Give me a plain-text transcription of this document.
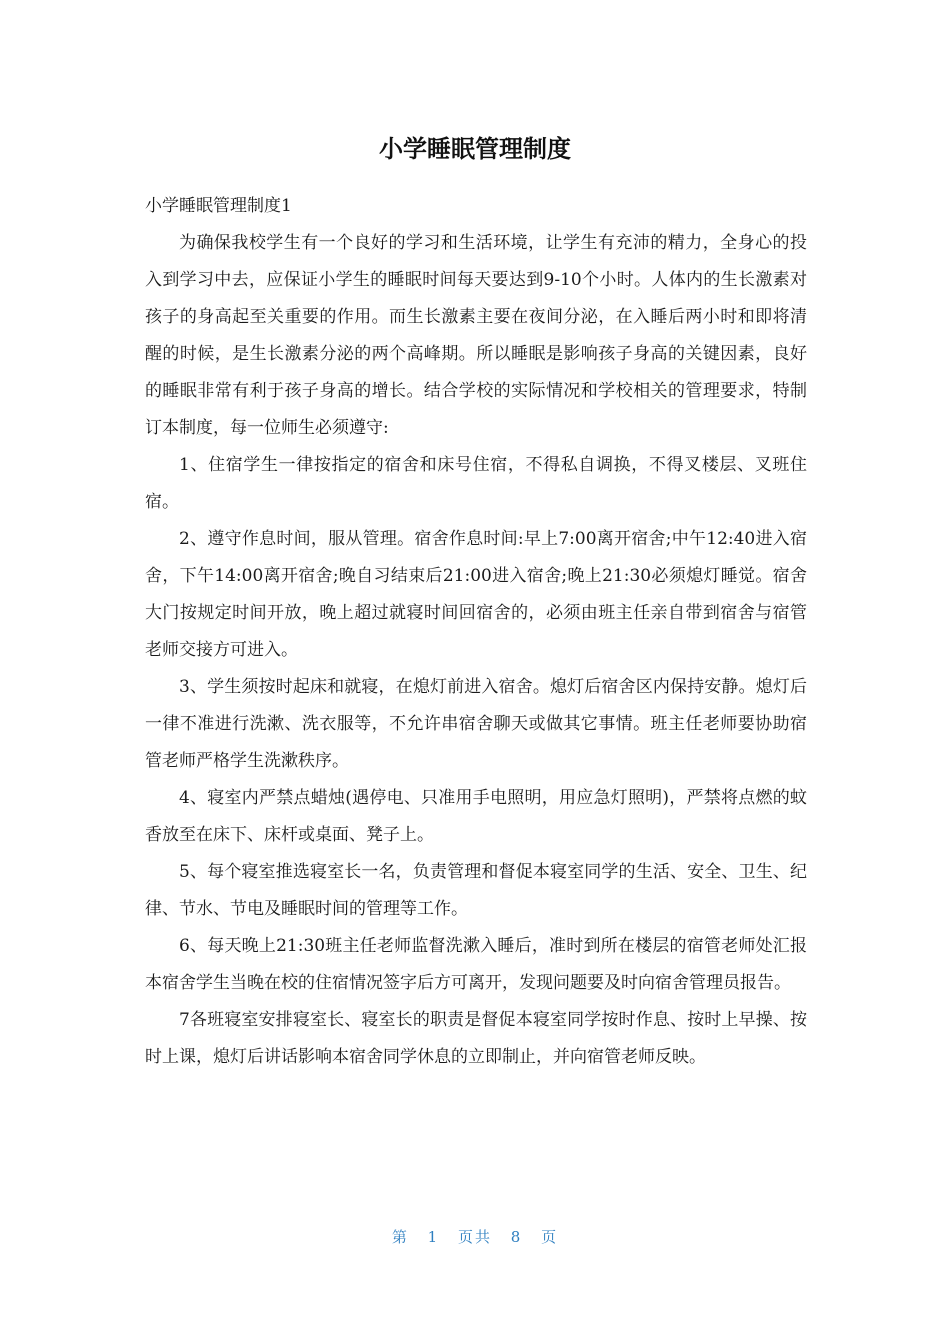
小学睡眠管理制度

小学睡眠管理制度1

为确保我校学生有一个良好的学习和生活环境，让学生有充沛的精力，全身心的投入到学习中去，应保证小学生的睡眠时间每天要达到9-10个小时。人体内的生长激素对孩子的身高起至关重要的作用。而生长激素主要在夜间分泌，在入睡后两小时和即将清醒的时候，是生长激素分泌的两个高峰期。所以睡眠是影响孩子身高的关键因素，良好的睡眠非常有利于孩子身高的增长。结合学校的实际情况和学校相关的管理要求，特制订本制度，每一位师生必须遵守:

1、住宿学生一律按指定的宿舍和床号住宿，不得私自调换，不得叉楼层、叉班住宿。

2、遵守作息时间，服从管理。宿舍作息时间:早上7:00离开宿舍;中午12:40进入宿舍，下午14:00离开宿舍;晚自习结束后21:00进入宿舍;晚上21:30必须熄灯睡觉。宿舍大门按规定时间开放，晚上超过就寝时间回宿舍的，必须由班主任亲自带到宿舍与宿管老师交接方可进入。

3、学生须按时起床和就寝，在熄灯前进入宿舍。熄灯后宿舍区内保持安静。熄灯后一律不准进行洗漱、洗衣服等，不允许串宿舍聊天或做其它事情。班主任老师要协助宿管老师严格学生洗漱秩序。

4、寝室内严禁点蜡烛(遇停电、只准用手电照明，用应急灯照明)，严禁将点燃的蚊香放至在床下、床杆或桌面、凳子上。

5、每个寝室推选寝室长一名，负责管理和督促本寝室同学的生活、安全、卫生、纪律、节水、节电及睡眠时间的管理等工作。

6、每天晚上21:30班主任老师监督洗漱入睡后，准时到所在楼层的宿管老师处汇报本宿舍学生当晚在校的住宿情况签字后方可离开，发现问题要及时向宿舍管理员报告。

7各班寝室安排寝室长、寝室长的职责是督促本寝室同学按时作息、按时上早操、按时上课，熄灯后讲话影响本宿舍同学休息的立即制止，并向宿管老师反映。

第 1 页共 8 页
